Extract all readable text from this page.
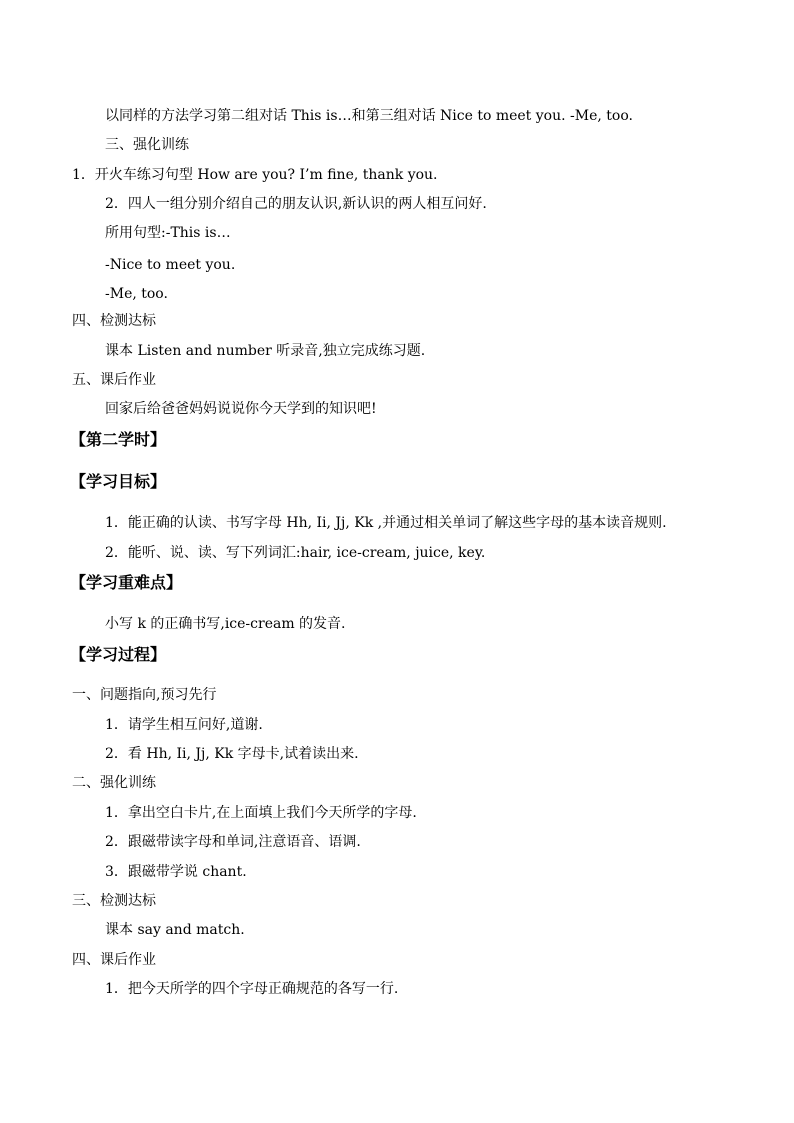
以同样的方法学习第二组对话 This is…和第三组对话 Nice to meet you. -Me, too.
三、强化训练
1．开火车练习句型 How are you? I’m fine, thank you.
2．四人一组分别介绍自己的朋友认识,新认识的两人相互问好.
所用句型:-This is…
-Nice to meet you.
-Me, too.
四、检测达标
课本 Listen and number 听录音,独立完成练习题.
五、课后作业
回家后给爸爸妈妈说说你今天学到的知识吧!
【第二学时】
【学习目标】
1．能正确的认读、书写字母 Hh, Ii, Jj, Kk ,并通过相关单词了解这些字母的基本读音规则.
2．能听、说、读、写下列词汇:hair, ice-cream, juice, key.
【学习重难点】
小写 k 的正确书写,ice-cream 的发音.
【学习过程】
一、问题指向,预习先行
1．请学生相互问好,道谢.
2．看 Hh, Ii, Jj, Kk 字母卡,试着读出来.
二、强化训练
1．拿出空白卡片,在上面填上我们今天所学的字母.
2．跟磁带读字母和单词,注意语音、语调.
3．跟磁带学说 chant.
三、检测达标
课本 say and match.
四、课后作业
1．把今天所学的四个字母正确规范的各写一行.
